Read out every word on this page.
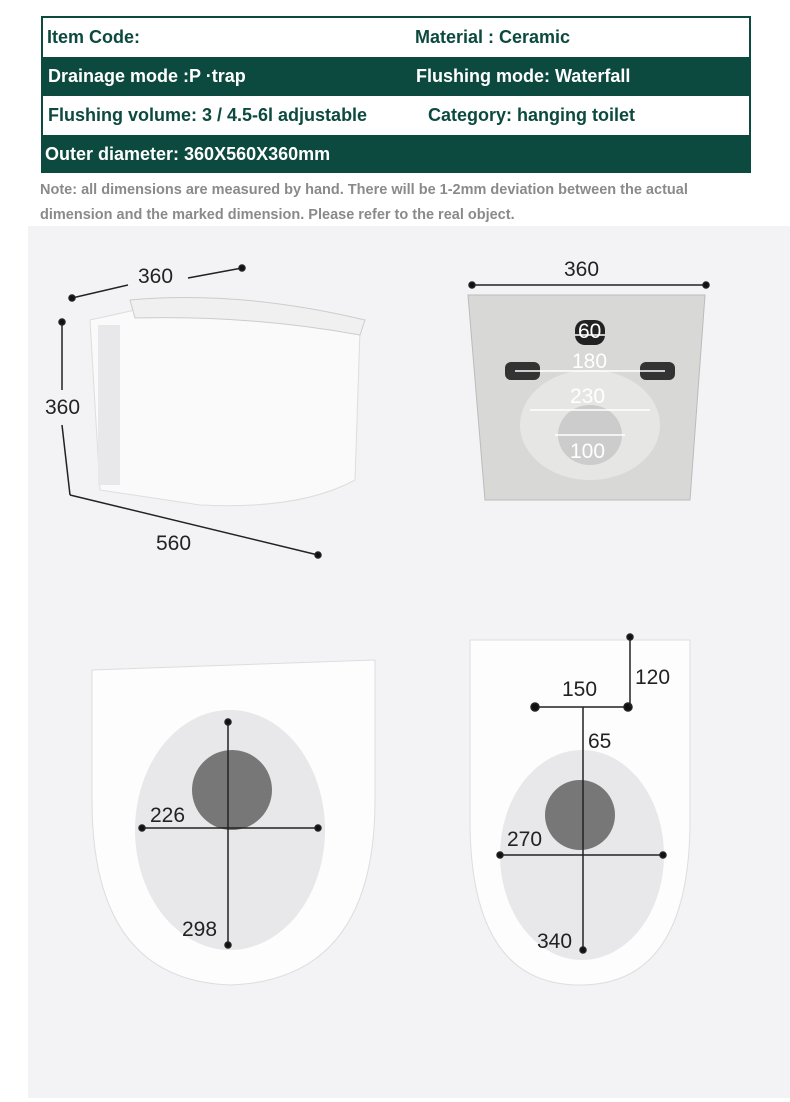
Item Code:	Material : Ceramic
Drainage mode :P ·trap	Flushing mode: Waterfall
Flushing volume: 3 / 4.5-6l adjustable	Category: hanging toilet
Outer diameter: 360X560X360mm
Note: all dimensions are measured by hand. There will be 1-2mm deviation between the actual dimension and the marked dimension. Please refer to the real object.
360
360
560
360
60
180
230
100
226
298
150
120
65
270
340
